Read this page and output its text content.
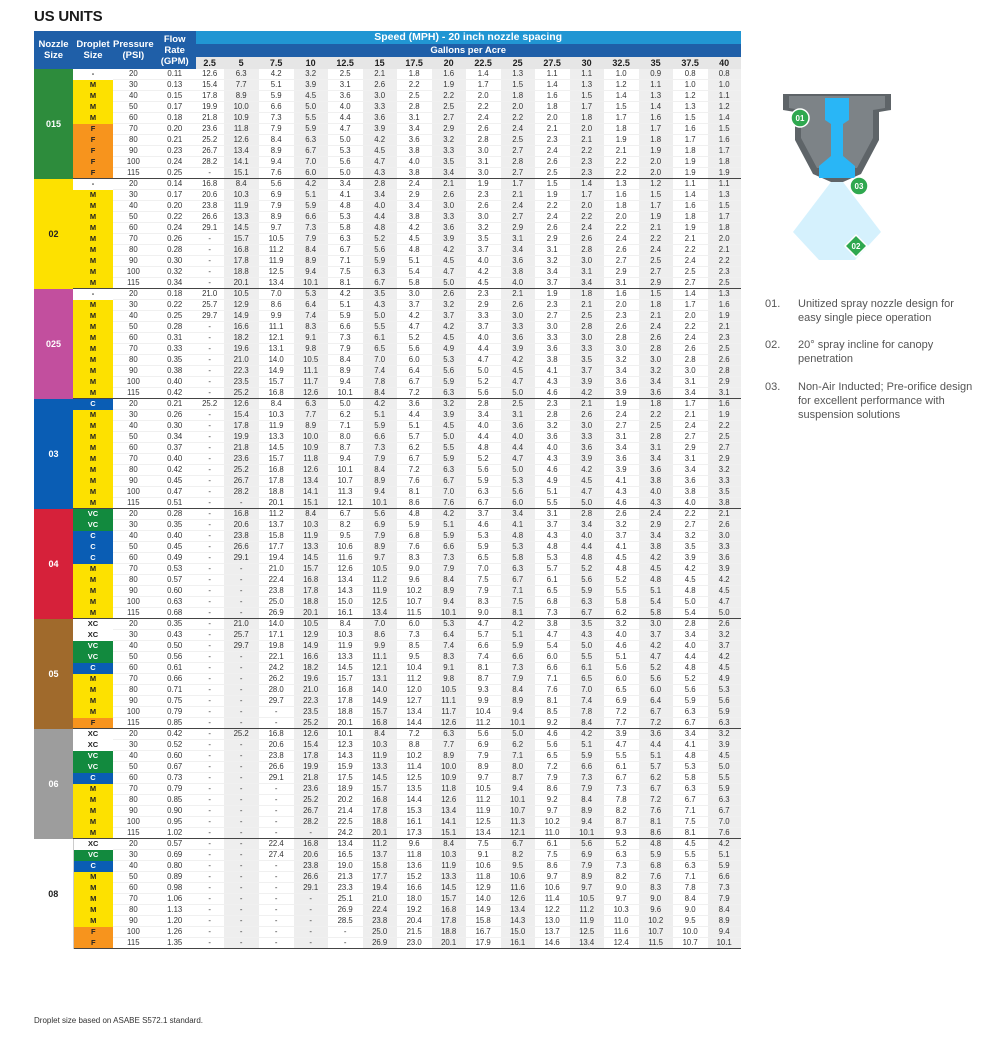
US UNITS
Nozzle Size	Droplet Size	Pressure (PSI)	Flow Rate (GPM)	Speed (MPH) - 20 inch nozzle spacing															
				Gallons per Acre															
				2.5	5	7.5	10	12.5	15	17.5	20	22.5	25	27.5	30	32.5	35	37.5	40

015	-	20	0.11	12.6	6.3	4.2	3.2	2.5	2.1	1.8	1.6	1.4	1.3	1.1	1.1	1.0	0.9	0.8	0.8
	M	30	0.13	15.4	7.7	5.1	3.9	3.1	2.6	2.2	1.9	1.7	1.5	1.4	1.3	1.2	1.1	1.0	1.0
	M	40	0.15	17.8	8.9	5.9	4.5	3.6	3.0	2.5	2.2	2.0	1.8	1.6	1.5	1.4	1.3	1.2	1.1
	M	50	0.17	19.9	10.0	6.6	5.0	4.0	3.3	2.8	2.5	2.2	2.0	1.8	1.7	1.5	1.4	1.3	1.2
	M	60	0.18	21.8	10.9	7.3	5.5	4.4	3.6	3.1	2.7	2.4	2.2	2.0	1.8	1.7	1.6	1.5	1.4
	F	70	0.20	23.6	11.8	7.9	5.9	4.7	3.9	3.4	2.9	2.6	2.4	2.1	2.0	1.8	1.7	1.6	1.5
	F	80	0.21	25.2	12.6	8.4	6.3	5.0	4.2	3.6	3.2	2.8	2.5	2.3	2.1	1.9	1.8	1.7	1.6
	F	90	0.23	26.7	13.4	8.9	6.7	5.3	4.5	3.8	3.3	3.0	2.7	2.4	2.2	2.1	1.9	1.8	1.7
	F	100	0.24	28.2	14.1	9.4	7.0	5.6	4.7	4.0	3.5	3.1	2.8	2.6	2.3	2.2	2.0	1.9	1.8
	F	115	0.25	-	15.1	7.6	6.0	5.0	4.3	3.8	3.4	3.0	2.7	2.5	2.3	2.2	2.0	1.9	1.9
02	-	20	0.14	16.8	8.4	5.6	4.2	3.4	2.8	2.4	2.1	1.9	1.7	1.5	1.4	1.3	1.2	1.1	1.1
	M	30	0.17	20.6	10.3	6.9	5.1	4.1	3.4	2.9	2.6	2.3	2.1	1.9	1.7	1.6	1.5	1.4	1.3
	M	40	0.20	23.8	11.9	7.9	5.9	4.8	4.0	3.4	3.0	2.6	2.4	2.2	2.0	1.8	1.7	1.6	1.5
	M	50	0.22	26.6	13.3	8.9	6.6	5.3	4.4	3.8	3.3	3.0	2.7	2.4	2.2	2.0	1.9	1.8	1.7
	M	60	0.24	29.1	14.5	9.7	7.3	5.8	4.8	4.2	3.6	3.2	2.9	2.6	2.4	2.2	2.1	1.9	1.8
	M	70	0.26	-	15.7	10.5	7.9	6.3	5.2	4.5	3.9	3.5	3.1	2.9	2.6	2.4	2.2	2.1	2.0
	M	80	0.28	-	16.8	11.2	8.4	6.7	5.6	4.8	4.2	3.7	3.4	3.1	2.8	2.6	2.4	2.2	2.1
	M	90	0.30	-	17.8	11.9	8.9	7.1	5.9	5.1	4.5	4.0	3.6	3.2	3.0	2.7	2.5	2.4	2.2
	M	100	0.32	-	18.8	12.5	9.4	7.5	6.3	5.4	4.7	4.2	3.8	3.4	3.1	2.9	2.7	2.5	2.3
	M	115	0.34	-	20.1	13.4	10.1	8.1	6.7	5.8	5.0	4.5	4.0	3.7	3.4	3.1	2.9	2.7	2.5
025	-	20	0.18	21.0	10.5	7.0	5.3	4.2	3.5	3.0	2.6	2.3	2.1	1.9	1.8	1.6	1.5	1.4	1.3
	M	30	0.22	25.7	12.9	8.6	6.4	5.1	4.3	3.7	3.2	2.9	2.6	2.3	2.1	2.0	1.8	1.7	1.6
	M	40	0.25	29.7	14.9	9.9	7.4	5.9	5.0	4.2	3.7	3.3	3.0	2.7	2.5	2.3	2.1	2.0	1.9
	M	50	0.28	-	16.6	11.1	8.3	6.6	5.5	4.7	4.2	3.7	3.3	3.0	2.8	2.6	2.4	2.2	2.1
	M	60	0.31	-	18.2	12.1	9.1	7.3	6.1	5.2	4.5	4.0	3.6	3.3	3.0	2.8	2.6	2.4	2.3
	M	70	0.33	-	19.6	13.1	9.8	7.9	6.5	5.6	4.9	4.4	3.9	3.6	3.3	3.0	2.8	2.6	2.5
	M	80	0.35	-	21.0	14.0	10.5	8.4	7.0	6.0	5.3	4.7	4.2	3.8	3.5	3.2	3.0	2.8	2.6
	M	90	0.38	-	22.3	14.9	11.1	8.9	7.4	6.4	5.6	5.0	4.5	4.1	3.7	3.4	3.2	3.0	2.8
	M	100	0.40	-	23.5	15.7	11.7	9.4	7.8	6.7	5.9	5.2	4.7	4.3	3.9	3.6	3.4	3.1	2.9
	M	115	0.42	-	25.2	16.8	12.6	10.1	8.4	7.2	6.3	5.6	5.0	4.6	4.2	3.9	3.6	3.4	3.1
03	C	20	0.21	25.2	12.6	8.4	6.3	5.0	4.2	3.6	3.2	2.8	2.5	2.3	2.1	1.9	1.8	1.7	1.6
	M	30	0.26	-	15.4	10.3	7.7	6.2	5.1	4.4	3.9	3.4	3.1	2.8	2.6	2.4	2.2	2.1	1.9
	M	40	0.30	-	17.8	11.9	8.9	7.1	5.9	5.1	4.5	4.0	3.6	3.2	3.0	2.7	2.5	2.4	2.2
	M	50	0.34	-	19.9	13.3	10.0	8.0	6.6	5.7	5.0	4.4	4.0	3.6	3.3	3.1	2.8	2.7	2.5
	M	60	0.37	-	21.8	14.5	10.9	8.7	7.3	6.2	5.5	4.8	4.4	4.0	3.6	3.4	3.1	2.9	2.7
	M	70	0.40	-	23.6	15.7	11.8	9.4	7.9	6.7	5.9	5.2	4.7	4.3	3.9	3.6	3.4	3.1	2.9
	M	80	0.42	-	25.2	16.8	12.6	10.1	8.4	7.2	6.3	5.6	5.0	4.6	4.2	3.9	3.6	3.4	3.2
	M	90	0.45	-	26.7	17.8	13.4	10.7	8.9	7.6	6.7	5.9	5.3	4.9	4.5	4.1	3.8	3.6	3.3
	M	100	0.47	-	28.2	18.8	14.1	11.3	9.4	8.1	7.0	6.3	5.6	5.1	4.7	4.3	4.0	3.8	3.5
	M	115	0.51	-	-	20.1	15.1	12.1	10.1	8.6	7.6	6.7	6.0	5.5	5.0	4.6	4.3	4.0	3.8
04	VC	20	0.28	-	16.8	11.2	8.4	6.7	5.6	4.8	4.2	3.7	3.4	3.1	2.8	2.6	2.4	2.2	2.1
	VC	30	0.35	-	20.6	13.7	10.3	8.2	6.9	5.9	5.1	4.6	4.1	3.7	3.4	3.2	2.9	2.7	2.6
	C	40	0.40	-	23.8	15.8	11.9	9.5	7.9	6.8	5.9	5.3	4.8	4.3	4.0	3.7	3.4	3.2	3.0
	C	50	0.45	-	26.6	17.7	13.3	10.6	8.9	7.6	6.6	5.9	5.3	4.8	4.4	4.1	3.8	3.5	3.3
	C	60	0.49	-	29.1	19.4	14.5	11.6	9.7	8.3	7.3	6.5	5.8	5.3	4.8	4.5	4.2	3.9	3.6
	M	70	0.53	-	-	21.0	15.7	12.6	10.5	9.0	7.9	7.0	6.3	5.7	5.2	4.8	4.5	4.2	3.9
	M	80	0.57	-	-	22.4	16.8	13.4	11.2	9.6	8.4	7.5	6.7	6.1	5.6	5.2	4.8	4.5	4.2
	M	90	0.60	-	-	23.8	17.8	14.3	11.9	10.2	8.9	7.9	7.1	6.5	5.9	5.5	5.1	4.8	4.5
	M	100	0.63	-	-	25.0	18.8	15.0	12.5	10.7	9.4	8.3	7.5	6.8	6.3	5.8	5.4	5.0	4.7
	M	115	0.68	-	-	26.9	20.1	16.1	13.4	11.5	10.1	9.0	8.1	7.3	6.7	6.2	5.8	5.4	5.0
05	XC	20	0.35	-	21.0	14.0	10.5	8.4	7.0	6.0	5.3	4.7	4.2	3.8	3.5	3.2	3.0	2.8	2.6
	XC	30	0.43	-	25.7	17.1	12.9	10.3	8.6	7.3	6.4	5.7	5.1	4.7	4.3	4.0	3.7	3.4	3.2
	VC	40	0.50	-	29.7	19.8	14.9	11.9	9.9	8.5	7.4	6.6	5.9	5.4	5.0	4.6	4.2	4.0	3.7
	VC	50	0.56	-	-	22.1	16.6	13.3	11.1	9.5	8.3	7.4	6.6	6.0	5.5	5.1	4.7	4.4	4.2
	C	60	0.61	-	-	24.2	18.2	14.5	12.1	10.4	9.1	8.1	7.3	6.6	6.1	5.6	5.2	4.8	4.5
	M	70	0.66	-	-	26.2	19.6	15.7	13.1	11.2	9.8	8.7	7.9	7.1	6.5	6.0	5.6	5.2	4.9
	M	80	0.71	-	-	28.0	21.0	16.8	14.0	12.0	10.5	9.3	8.4	7.6	7.0	6.5	6.0	5.6	5.3
	M	90	0.75	-	-	29.7	22.3	17.8	14.9	12.7	11.1	9.9	8.9	8.1	7.4	6.9	6.4	5.9	5.6
	M	100	0.79	-	-	-	23.5	18.8	15.7	13.4	11.7	10.4	9.4	8.5	7.8	7.2	6.7	6.3	5.9
	F	115	0.85	-	-	-	25.2	20.1	16.8	14.4	12.6	11.2	10.1	9.2	8.4	7.7	7.2	6.7	6.3
06	XC	20	0.42	-	25.2	16.8	12.6	10.1	8.4	7.2	6.3	5.6	5.0	4.6	4.2	3.9	3.6	3.4	3.2
	XC	30	0.52	-	-	20.6	15.4	12.3	10.3	8.8	7.7	6.9	6.2	5.6	5.1	4.7	4.4	4.1	3.9
	VC	40	0.60	-	-	23.8	17.8	14.3	11.9	10.2	8.9	7.9	7.1	6.5	5.9	5.5	5.1	4.8	4.5
	VC	50	0.67	-	-	26.6	19.9	15.9	13.3	11.4	10.0	8.9	8.0	7.2	6.6	6.1	5.7	5.3	5.0
	C	60	0.73	-	-	29.1	21.8	17.5	14.5	12.5	10.9	9.7	8.7	7.9	7.3	6.7	6.2	5.8	5.5
	M	70	0.79	-	-	-	23.6	18.9	15.7	13.5	11.8	10.5	9.4	8.6	7.9	7.3	6.7	6.3	5.9
	M	80	0.85	-	-	-	25.2	20.2	16.8	14.4	12.6	11.2	10.1	9.2	8.4	7.8	7.2	6.7	6.3
	M	90	0.90	-	-	-	26.7	21.4	17.8	15.3	13.4	11.9	10.7	9.7	8.9	8.2	7.6	7.1	6.7
	M	100	0.95	-	-	-	28.2	22.5	18.8	16.1	14.1	12.5	11.3	10.2	9.4	8.7	8.1	7.5	7.0
	M	115	1.02	-	-	-	-	24.2	20.1	17.3	15.1	13.4	12.1	11.0	10.1	9.3	8.6	8.1	7.6
08	XC	20	0.57	-	-	22.4	16.8	13.4	11.2	9.6	8.4	7.5	6.7	6.1	5.6	5.2	4.8	4.5	4.2
	VC	30	0.69	-	-	27.4	20.6	16.5	13.7	11.8	10.3	9.1	8.2	7.5	6.9	6.3	5.9	5.5	5.1
	C	40	0.80	-	-	-	23.8	19.0	15.8	13.6	11.9	10.6	9.5	8.6	7.9	7.3	6.8	6.3	5.9
	M	50	0.89	-	-	-	26.6	21.3	17.7	15.2	13.3	11.8	10.6	9.7	8.9	8.2	7.6	7.1	6.6
	M	60	0.98	-	-	-	29.1	23.3	19.4	16.6	14.5	12.9	11.6	10.6	9.7	9.0	8.3	7.8	7.3
	M	70	1.06	-	-	-	-	25.1	21.0	18.0	15.7	14.0	12.6	11.4	10.5	9.7	9.0	8.4	7.9
	M	80	1.13	-	-	-	-	26.9	22.4	19.2	16.8	14.9	13.4	12.2	11.2	10.3	9.6	9.0	8.4
	M	90	1.20	-	-	-	-	28.5	23.8	20.4	17.8	15.8	14.3	13.0	11.9	11.0	10.2	9.5	8.9
	F	100	1.26	-	-	-	-	-	25.0	21.5	18.8	16.7	15.0	13.7	12.5	11.6	10.7	10.0	9.4
	F	115	1.35	-	-	-	-	-	26.9	23.0	20.1	17.9	16.1	14.6	13.4	12.4	11.5	10.7	10.1
Droplet size based on ASABE S572.1 standard.
01
03
02
01. Unitized spray nozzle design for easy single piece operation
02. 20° spray incline for canopy penetration
03. Non-Air Inducted; Pre-orifice design for excellent performance with suspension solutions
